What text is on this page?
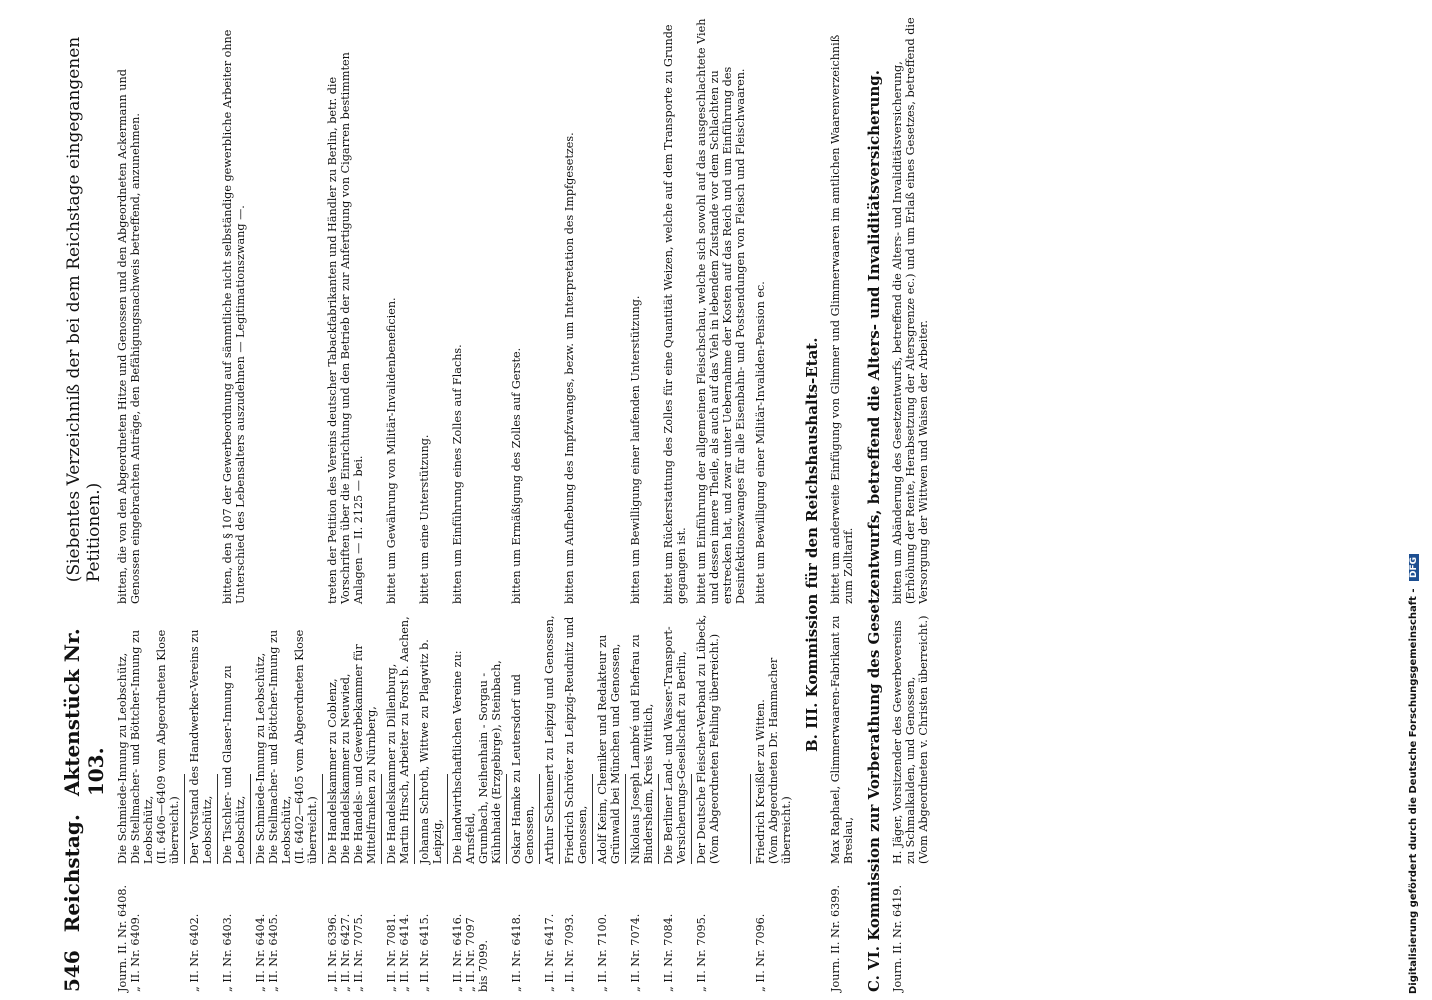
546
Reichstag.
Aktenstück Nr. 103.
(Siebentes Verzeichniß der bei dem Reichstage eingegangenen Petitionen.)
Journ. II. Nr. 6408.
„ II. Nr. 6409.
Die Schmiede-Innung zu Leobschütz,
Die Stellmacher- und Böttcher-Innung zu Leobschütz,
(II. 6406—6409 vom Abgeordneten Klose überreicht.)
bitten, die von den Abgeordneten Hitze und Genossen und den Abgeordneten Ackermann und Genossen eingebrachten Anträge, den Befähigungsnachweis betreffend, anzunehmen.
„ II. Nr. 6402.
Der Vorstand des Handwerker-Vereins zu Leobschütz,
„ II. Nr. 6403.
Die Tischler- und Glaser-Innung zu Leobschütz,
bitten, den § 107 der Gewerbeordnung auf sämmtliche nicht selbständige gewerbliche Arbeiter ohne Unterschied des Lebensalters auszudehnen — Legitimationszwang —.
„ II. Nr. 6404.
„ II. Nr. 6405.
Die Schmiede-Innung zu Leobschütz,
Die Stellmacher- und Böttcher-Innung zu Leobschütz,
(II. 6402—6405 vom Abgeordneten Klose überreicht.)
„ II. Nr. 6396.
„ II. Nr. 6427.
„ II. Nr. 7075.
Die Handelskammer zu Coblenz,
Die Handelskammer zu Neuwied,
Die Handels- und Gewerbekammer für Mittelfranken zu Nürnberg,
treten der Petition des Vereins deutscher Tabackfabrikanten und Händler zu Berlin, betr. die Vorschriften über die Einrichtung und den Betrieb der zur Anfertigung von Cigarren bestimmten Anlagen — II. 2125 — bei.
„ II. Nr. 7081.
„ II. Nr. 6414.
Die Handelskammer zu Dillenburg,
Martin Hirsch, Arbeiter zu Forst b. Aachen,
bittet um Gewährung von Militär-Invalidenbeneficien.
„ II. Nr. 6415.
Johanna Schroth, Wittwe zu Plagwitz b. Leipzig,
bittet um eine Unterstützung.
„ II. Nr. 6416.
„ II. Nr. 7097
bis 7099.
Die landwirthschaftlichen Vereine zu: Arnsfeld,
Grumbach, Neihenhain - Sorgau - Kühnhaide (Erzgebirge), Steinbach,
bitten um Einführung eines Zolles auf Flachs.
„ II. Nr. 6418.
Oskar Hamke zu Leutersdorf und Genossen,
bitten um Ermäßigung des Zolles auf Gerste.
„ II. Nr. 6417.
Arthur Scheunert zu Leipzig und Genossen,
„ II. Nr. 7093.
Friedrich Schröter zu Leipzig-Reudnitz und Genossen,
bitten um Aufhebung des Impfzwanges, bezw. um Interpretation des Impfgesetzes.
„ II. Nr. 7100.
Adolf Keim, Chemiker und Redakteur zu Grünwald bei München und Genossen,
„ II. Nr. 7074.
Nikolaus Joseph Lambré und Ehefrau zu Bindersheim, Kreis Wittlich,
bitten um Bewilligung einer laufenden Unterstützung.
„ II. Nr. 7084.
Die Berliner Land- und Wasser-Transport-Versicherungs-Gesellschaft zu Berlin,
bittet um Rückerstattung des Zolles für eine Quantität Weizen, welche auf dem Transporte zu Grunde gegangen ist.
„ II. Nr. 7095.
Der Deutsche Fleischer-Verband zu Lübeck,
(Vom Abgeordneten Fehling überreicht.)
bittet um Einführung der allgemeinen Fleischschau, welche sich sowohl auf das ausgeschlachtete Vieh und dessen innere Theile, als auch auf das Vieh in lebendem Zustande vor dem Schlachten zu erstrecken hat, und zwar unter Uebernahme der Kosten auf das Reich und um Einführung des Desinfektionszwanges für alle Eisenbahn- und Postsendungen von Fleisch und Fleischwaaren.
„ II. Nr. 7096.
Friedrich Kreißler zu Witten.
(Vom Abgeordneten Dr. Hammacher überreicht.)
bittet um Bewilligung einer Militär-Invaliden-Pension ec.	B. III. Kommission für den Reichshaushalts-Etat.
Journ. II. Nr. 6399.
Max Raphael, Glimmerwaaren-Fabrikant zu Breslau,
bittet um anderweite Einfügung von Glimmer und Glimmerwaaren im amtlichen Waarenverzeichniß zum Zolltarif. C. VI. Kommission zur Vorberathung des Gesetzentwurfs, betreffend die Alters- und Invaliditätsversicherung. Journ. II. Nr. 6419.
H. Jäger, Vorsitzender des Gewerbevereins zu Schmalkalden, und Genossen,
(Vom Abgeordneten v. Christen überreicht.)
bitten um Abänderung des Gesetzentwurfs, betreffend die Alters- und Invaliditätsversicherung, (Erhöhung der Rente, Herabsetzung der Altersgrenze ec.) und um Erlaß eines Gesetzes, betreffend die Versorgung der Wittwen und Waisen der Arbeiter.
Digitalisierung gefördert durch die Deutsche Forschungsgemeinschaft - DFG
